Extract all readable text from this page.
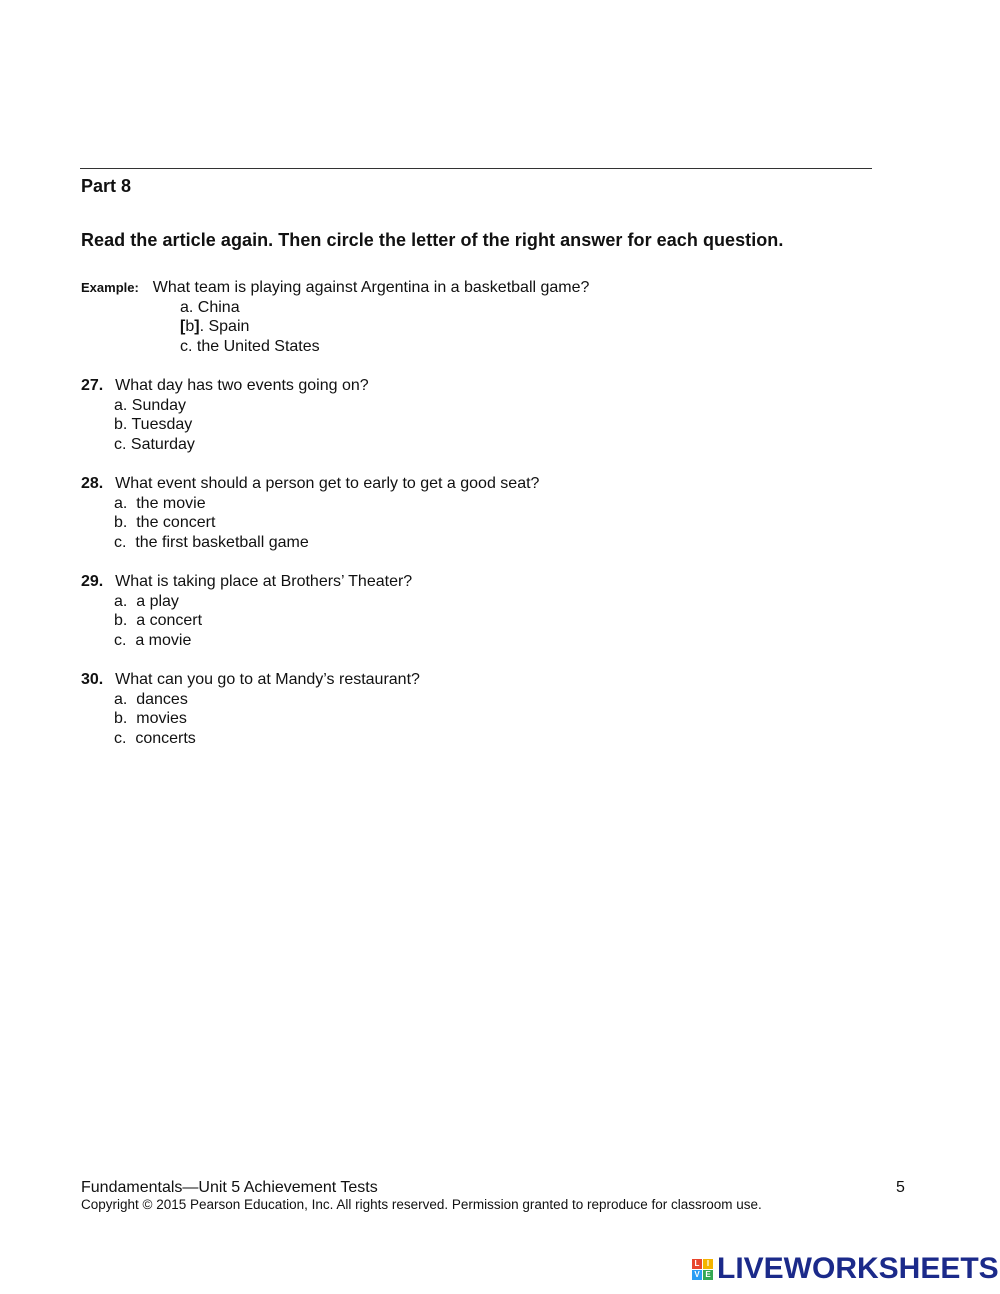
Part 8

Read the article again. Then circle the letter of the right answer for each question.

Example: What team is playing against Argentina in a basketball game?
a. China
[b]. Spain
c. the United States
27. What day has two events going on?
a. Sunday
b. Tuesday
c. Saturday
28. What event should a person get to early to get a good seat?
a.  the movie
b.  the concert
c.  the first basketball game
29. What is taking place at Brothers’ Theater?
a.  a play
b.  a concert
c.  a movie
30. What can you go to at Mandy’s restaurant?
a.  dances
b.  movies
c.  concerts
Fundamentals—Unit 5 Achievement Tests	5
Copyright © 2015 Pearson Education, Inc. All rights reserved. Permission granted to reproduce for classroom use.
L I
V E LIVEWORKSHEETS
